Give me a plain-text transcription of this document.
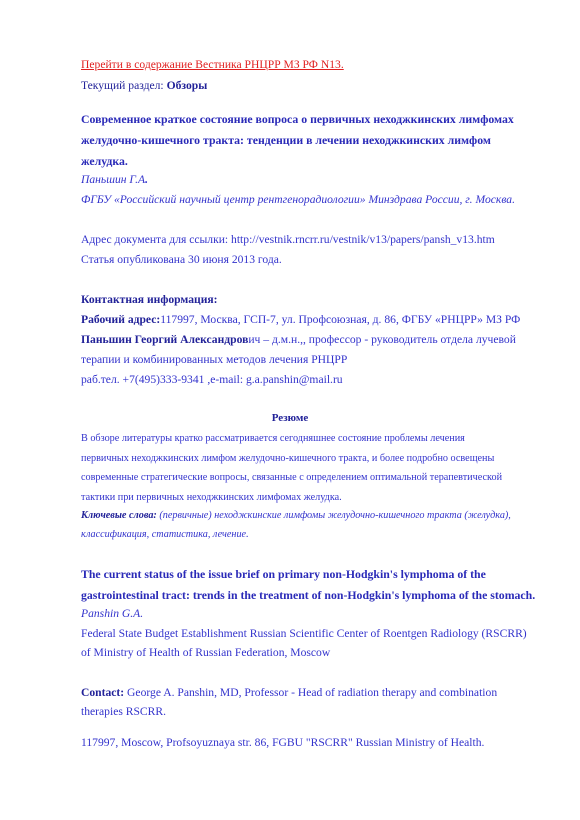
Перейти в содержание Вестника РНЦРР МЗ РФ N13.
Текущий раздел: Обзоры
Современное краткое состояние вопроса о первичных неходжкинских лимфомах
желудочно-кишечного тракта: тенденции в лечении неходжкинских лимфом
желудка.
Паньшин Г.А.
ФГБУ «Российский научный центр рентгенорадиологии» Минздрава России, г. Москва.
Адрес документа для ссылки: http://vestnik.rncrr.ru/vestnik/v13/papers/pansh_v13.htm
Статья опубликована 30 июня 2013 года.
Контактная информация:
Рабочий адрес:117997, Москва, ГСП-7, ул. Профсоюзная, д. 86, ФГБУ «РНЦРР» МЗ РФ
Паньшин Георгий Александрович – д.м.н.,, профессор - руководитель отдела лучевой
терапии и комбинированных методов лечения РНЦРР
раб.тел. +7(495)333-9341 ,e-mail: g.a.panshin@mail.ru
Резюме
В обзоре литературы кратко рассматривается сегодняшнее состояние проблемы лечения
первичных неходжкинских лимфом желудочно-кишечного тракта, и более подробно освещены
современные стратегические вопросы, связанные с определением оптимальной терапевтической
тактики при первичных неходжкинских лимфомах желудка.
Ключевые слова: (первичные) неходжкинские лимфомы желудочно-кишечного тракта (желудка),
классификация, статистика, лечение.
The current status of the issue brief on primary non-Hodgkin's lymphoma of the
gastrointestinal tract: trends in the treatment of non-Hodgkin's lymphoma of the stomach.
Panshin G.A.
Federal State Budget Establishment Russian Scientific Center of Roentgen Radiology (RSCRR)
of Ministry of Health of Russian Federation, Moscow
Contact: George A. Panshin, MD, Professor - Head of radiation therapy and combination
therapies RSCRR.
117997, Moscow, Profsoyuznaya str. 86, FGBU "RSCRR" Russian Ministry of Health.
